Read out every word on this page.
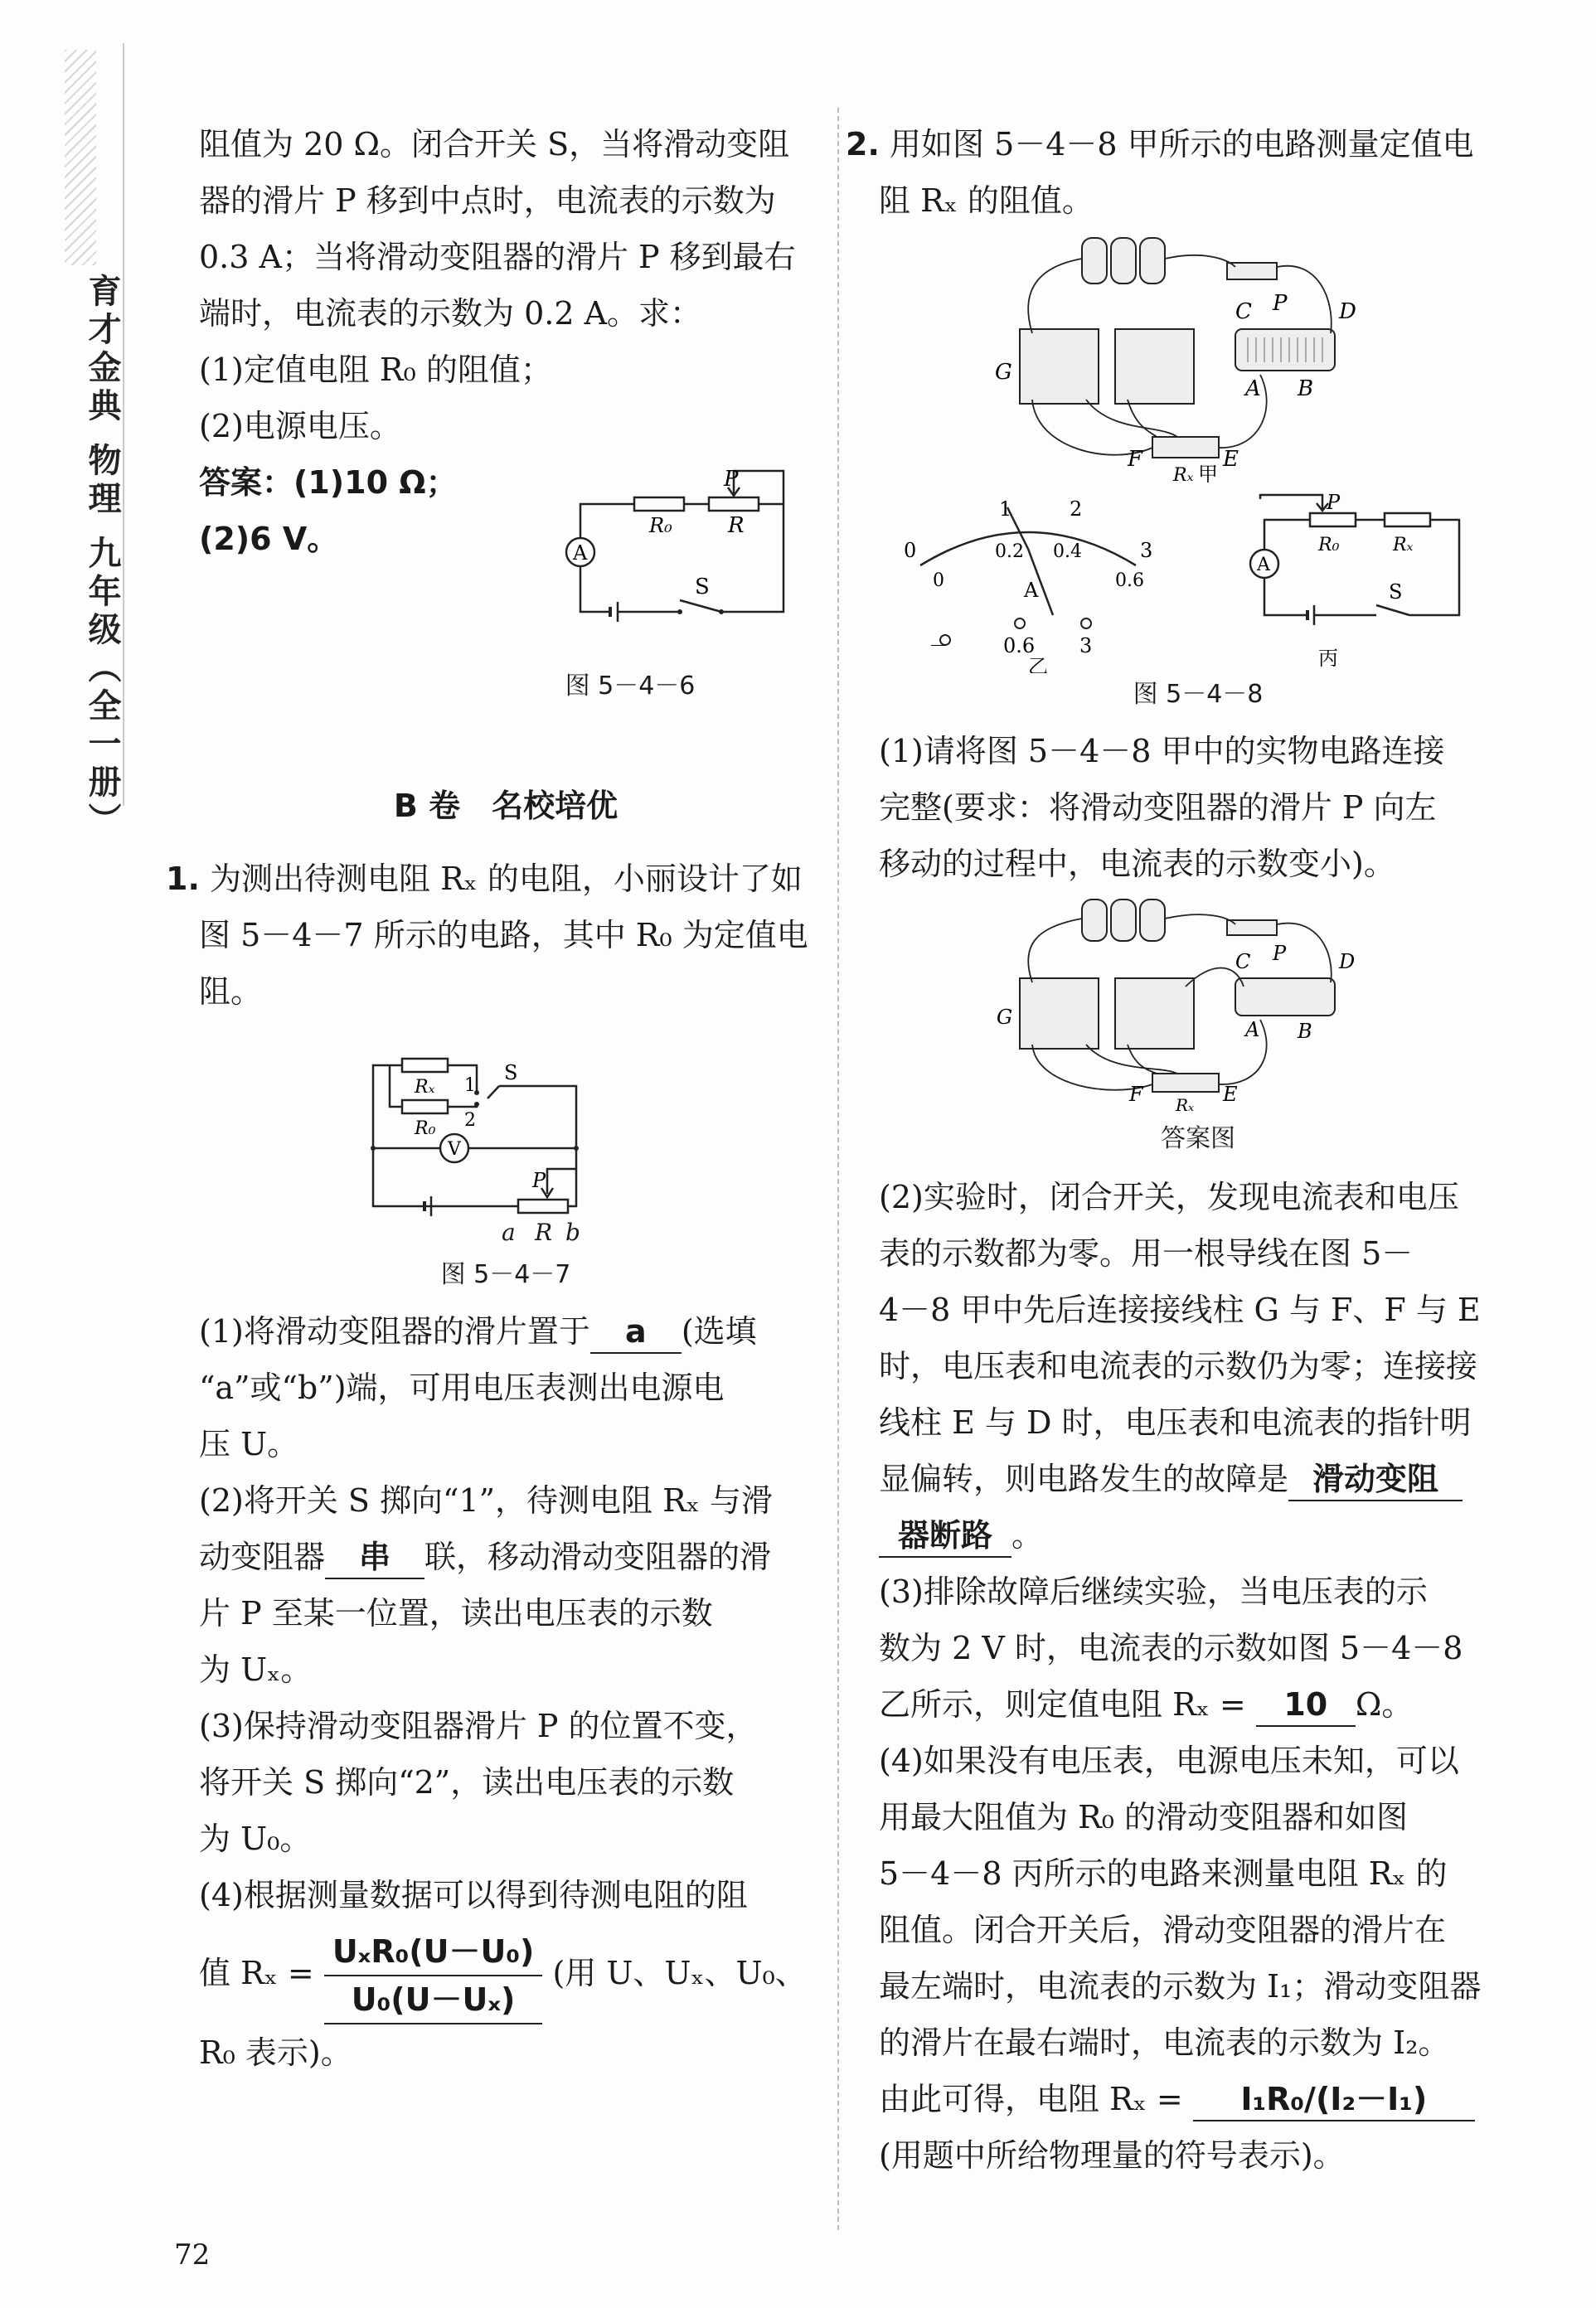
育才金典 物理 九年级（全一册）

阻值为 20 Ω。闭合开关 S，当将滑动变阻

器的滑片 P 移到中点时，电流表的示数为

0.3 A；当将滑动变阻器的滑片 P 移到最右

端时，电流表的示数为 0.2 A。求：

(1)定值电阻 R₀ 的阻值；

(2)电源电压。

答案：(1)10 Ω；

(2)6 V。

P
R₀	R
A
S
图 5－4－6

B 卷　名校培优

1. 为测出待测电阻 Rₓ 的电阻，小丽设计了如

图 5－4－7 所示的电路，其中 R₀ 为定值电

阻。

Rₓ
R₀
1
2
S
V
P
a R b
图 5－4－7

(1)将滑动变阻器的滑片置于 a (选填

“a”或“b”)端，可用电压表测出电源电

压 U。

(2)将开关 S 掷向“1”，待测电阻 Rₓ 与滑

动变阻器 串 联，移动滑动变阻器的滑

片 P 至某一位置，读出电压表的示数

为 Uₓ。

(3)保持滑动变阻器滑片 P 的位置不变，

将开关 S 掷向“2”，读出电压表的示数

为 U₀。

(4)根据测量数据可以得到待测电阻的阻

值 $R_x = \frac{\text{UₓR₀(U－U₀)}}{\text{U₀(U－Uₓ)}}$ (用 U、Uₓ、U₀、

R₀ 表示)。

2. 用如图 5－4－8 甲所示的电路测量定值电

阻 Rₓ 的阻值。

C P D
G
A B
F	E
Rₓ 甲
0
1	2
3
0
0.2 0.4
0.6
A
－	0.6 3
乙
P
A
R₀	Rₓ
S
丙
图 5－4－8

(1)请将图 5－4－8 甲中的实物电路连接

完整(要求：将滑动变阻器的滑片 P 向左

移动的过程中，电流表的示数变小)。

C P	D
G
A B
F	E
Rₓ
答案图

(2)实验时，闭合开关，发现电流表和电压

表的示数都为零。用一根导线在图 5－

4－8 甲中先后连接接线柱 G 与 F、F 与 E

时，电压表和电流表的示数仍为零；连接接

线柱 E 与 D 时，电压表和电流表的指针明

显偏转，则电路发生的故障是 滑动变阻

器断路 。

(3)排除故障后继续实验，当电压表的示

数为 2 V 时，电流表的示数如图 5－4－8

乙所示，则定值电阻 Rₓ = 10 Ω。

(4)如果没有电压表，电源电压未知，可以

用最大阻值为 R₀ 的滑动变阻器和如图

5－4－8 丙所示的电路来测量电阻 Rₓ 的

阻值。闭合开关后，滑动变阻器的滑片在

最左端时，电流表的示数为 I₁；滑动变阻器

的滑片在最右端时，电流表的示数为 I₂。

由此可得，电阻 Rₓ = I₁R₀/(I₂－I₁)

(用题中所给物理量的符号表示)。

72
